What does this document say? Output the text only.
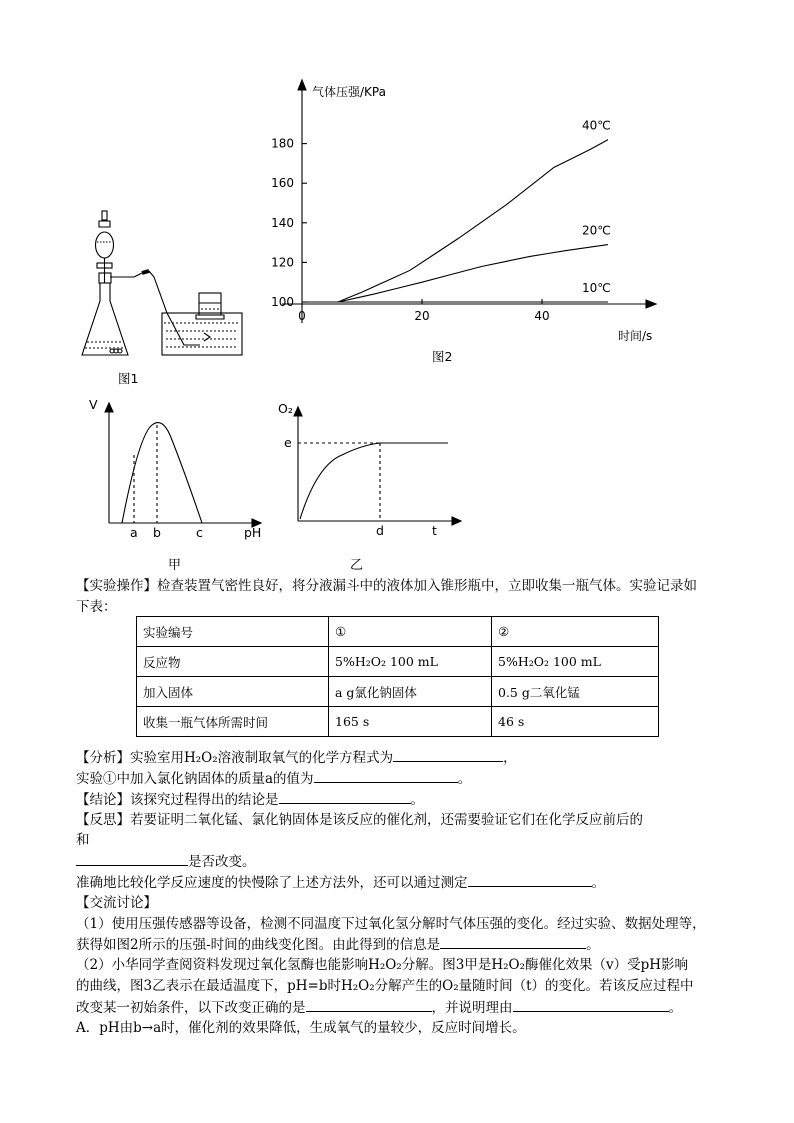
图1
100
120
140
160
180
0	20	40
40℃
20℃
10℃
气体压强/KPa
时间/s
图2
V
a b	c	pH
甲
O₂
e
d	t
乙
【实验操作】检查装置气密性良好，将分液漏斗中的液体加入锥形瓶中，立即收集一瓶气体。实验记录如
下表：
实验编号	①	②
反应物	5%H₂O₂ 100 mL	5%H₂O₂ 100 mL
加入固体	a g氯化钠固体	0.5 g二氧化锰
收集一瓶气体所需时间	165 s	46 s
【分析】实验室用H₂O₂溶液制取氧气的化学方程式为	，
实验①中加入氯化钠固体的质量a的值为	。
【结论】该探究过程得出的结论是	。
【反思】若要证明二氧化锰、氯化钠固体是该反应的催化剂，还需要验证它们在化学反应前后的
和
是否改变。
准确地比较化学反应速度的快慢除了上述方法外，还可以通过测定	。
【交流讨论】
（1）使用压强传感器等设备，检测不同温度下过氧化氢分解时气体压强的变化。经过实验、数据处理等，
获得如图2所示的压强-时间的曲线变化图。由此得到的信息是	。
（2）小华同学查阅资料发现过氧化氢酶也能影响H₂O₂分解。图3甲是H₂O₂酶催化效果（v）受pH影响
的曲线，图3乙表示在最适温度下，pH=b时H₂O₂分解产生的O₂量随时间（t）的变化。若该反应过程中
改变某一初始条件，以下改变正确的是	，并说明理由	。
A．pH由b→a时，催化剂的效果降低，生成氧气的量较少，反应时间增长。
